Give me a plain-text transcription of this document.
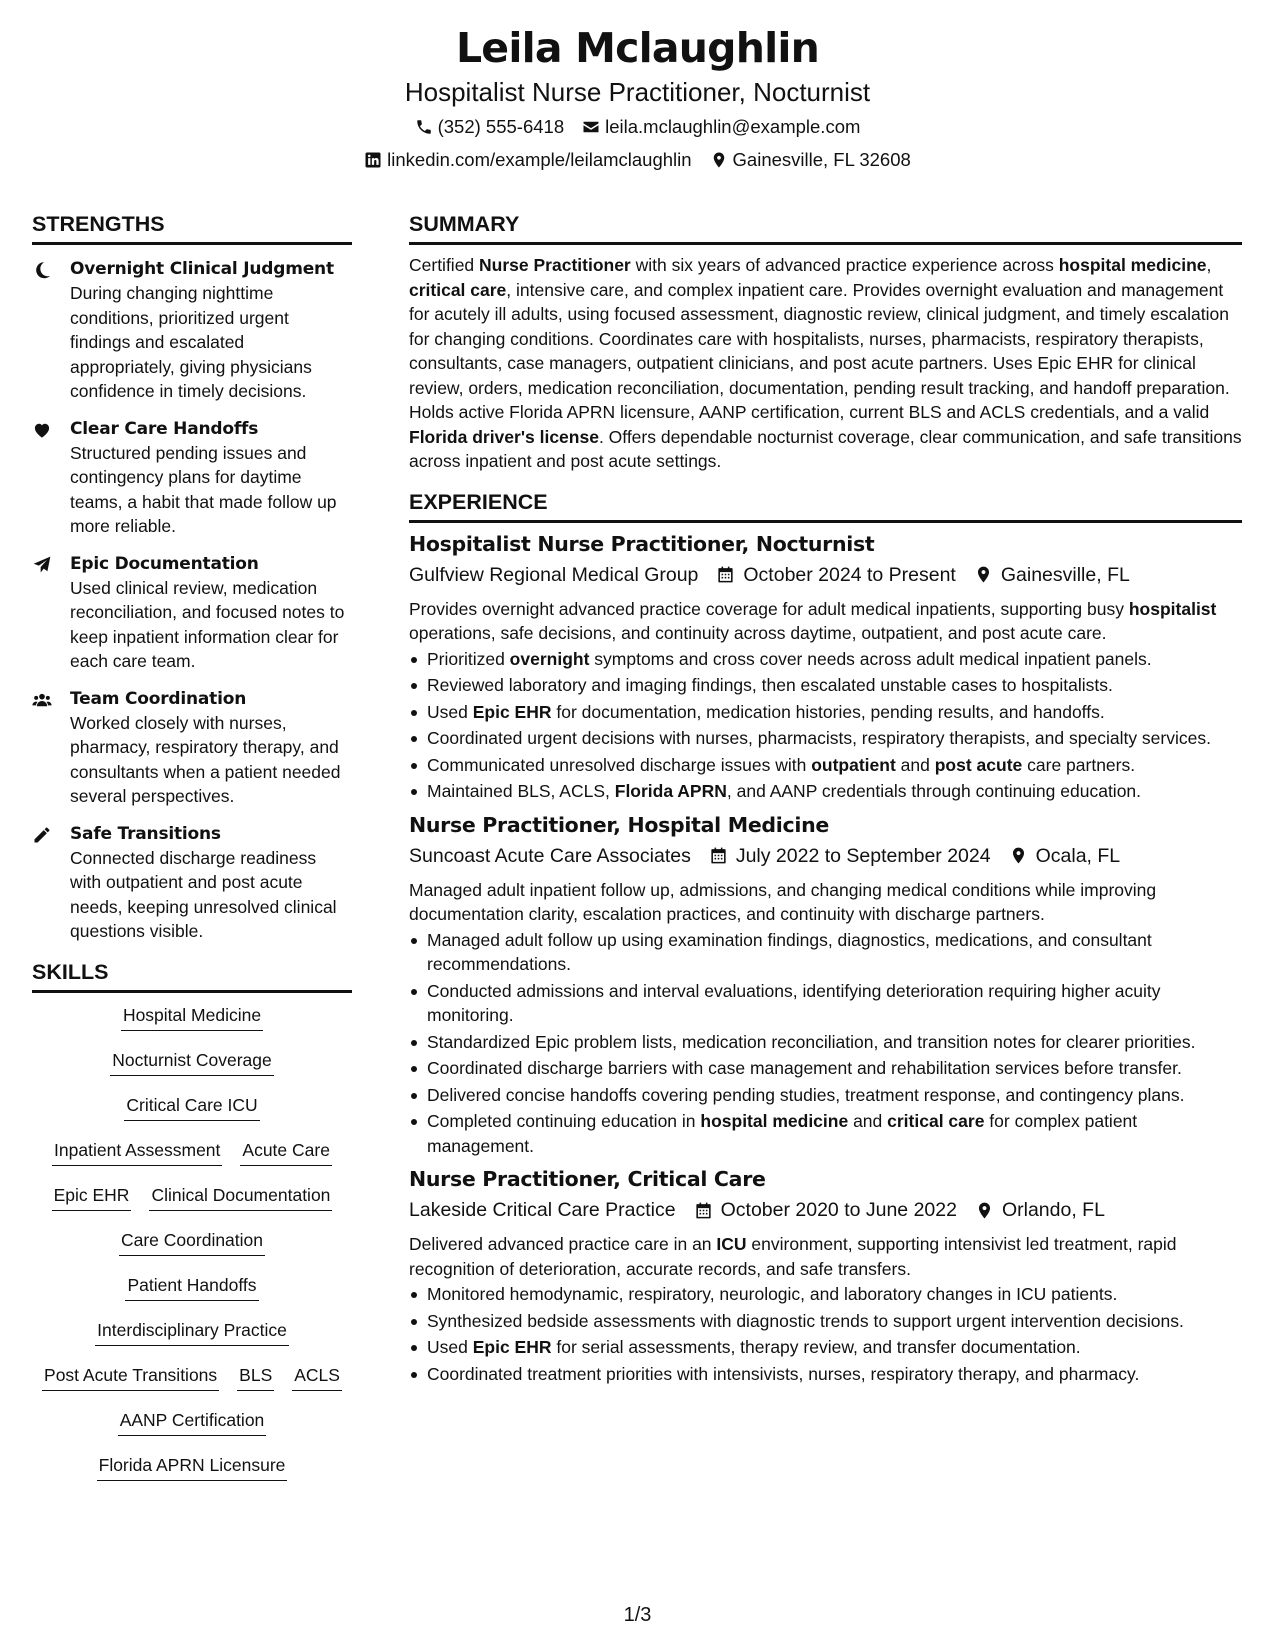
Leila Mclaughlin
Hospitalist Nurse Practitioner, Nocturnist
(352) 555-6418 leila.mclaughlin@example.com
linkedin.com/example/leilamclaughlin Gainesville, FL 32608
STRENGTHS
Overnight Clinical Judgment
During changing nighttime conditions, prioritized urgent findings and escalated appropriately, giving physicians confidence in timely decisions.
Clear Care Handoffs
Structured pending issues and contingency plans for daytime teams, a habit that made follow up more reliable.
Epic Documentation
Used clinical review, medication reconciliation, and focused notes to keep inpatient information clear for each care team.
Team Coordination
Worked closely with nurses, pharmacy, respiratory therapy, and consultants when a patient needed several perspectives.
Safe Transitions
Connected discharge readiness with outpatient and post acute needs, keeping unresolved clinical questions visible.
SKILLS
Hospital Medicine
Nocturnist Coverage
Critical Care ICU
Inpatient Assessment Acute Care
Epic EHR Clinical Documentation
Care Coordination
Patient Handoffs
Interdisciplinary Practice
Post Acute Transitions BLS ACLS
AANP Certification
Florida APRN Licensure
SUMMARY
Certified Nurse Practitioner with six years of advanced practice experience across hospital medicine, critical care, intensive care, and complex inpatient care. Provides overnight evaluation and management for acutely ill adults, using focused assessment, diagnostic review, clinical judgment, and timely escalation for changing conditions. Coordinates care with hospitalists, nurses, pharmacists, respiratory therapists, consultants, case managers, outpatient clinicians, and post acute partners. Uses Epic EHR for clinical review, orders, medication reconciliation, documentation, pending result tracking, and handoff preparation. Holds active Florida APRN licensure, AANP certification, current BLS and ACLS credentials, and a valid Florida driver's license. Offers dependable nocturnist coverage, clear communication, and safe transitions across inpatient and post acute settings.
EXPERIENCE
Hospitalist Nurse Practitioner, Nocturnist
Gulfview Regional Medical Group October 2024 to Present Gainesville, FL
Provides overnight advanced practice coverage for adult medical inpatients, supporting busy hospitalist operations, safe decisions, and continuity across daytime, outpatient, and post acute care.
Prioritized overnight symptoms and cross cover needs across adult medical inpatient panels.
Reviewed laboratory and imaging findings, then escalated unstable cases to hospitalists.
Used Epic EHR for documentation, medication histories, pending results, and handoffs.
Coordinated urgent decisions with nurses, pharmacists, respiratory therapists, and specialty services.
Communicated unresolved discharge issues with outpatient and post acute care partners.
Maintained BLS, ACLS, Florida APRN, and AANP credentials through continuing education.
Nurse Practitioner, Hospital Medicine
Suncoast Acute Care Associates July 2022 to September 2024 Ocala, FL
Managed adult inpatient follow up, admissions, and changing medical conditions while improving documentation clarity, escalation practices, and continuity with discharge partners.
Managed adult follow up using examination findings, diagnostics, medications, and consultant recommendations.
Conducted admissions and interval evaluations, identifying deterioration requiring higher acuity monitoring.
Standardized Epic problem lists, medication reconciliation, and transition notes for clearer priorities.
Coordinated discharge barriers with case management and rehabilitation services before transfer.
Delivered concise handoffs covering pending studies, treatment response, and contingency plans.
Completed continuing education in hospital medicine and critical care for complex patient management.
Nurse Practitioner, Critical Care
Lakeside Critical Care Practice October 2020 to June 2022 Orlando, FL
Delivered advanced practice care in an ICU environment, supporting intensivist led treatment, rapid recognition of deterioration, accurate records, and safe transfers.
Monitored hemodynamic, respiratory, neurologic, and laboratory changes in ICU patients.
Synthesized bedside assessments with diagnostic trends to support urgent intervention decisions.
Used Epic EHR for serial assessments, therapy review, and transfer documentation.
Coordinated treatment priorities with intensivists, nurses, respiratory therapy, and pharmacy.
1/3
